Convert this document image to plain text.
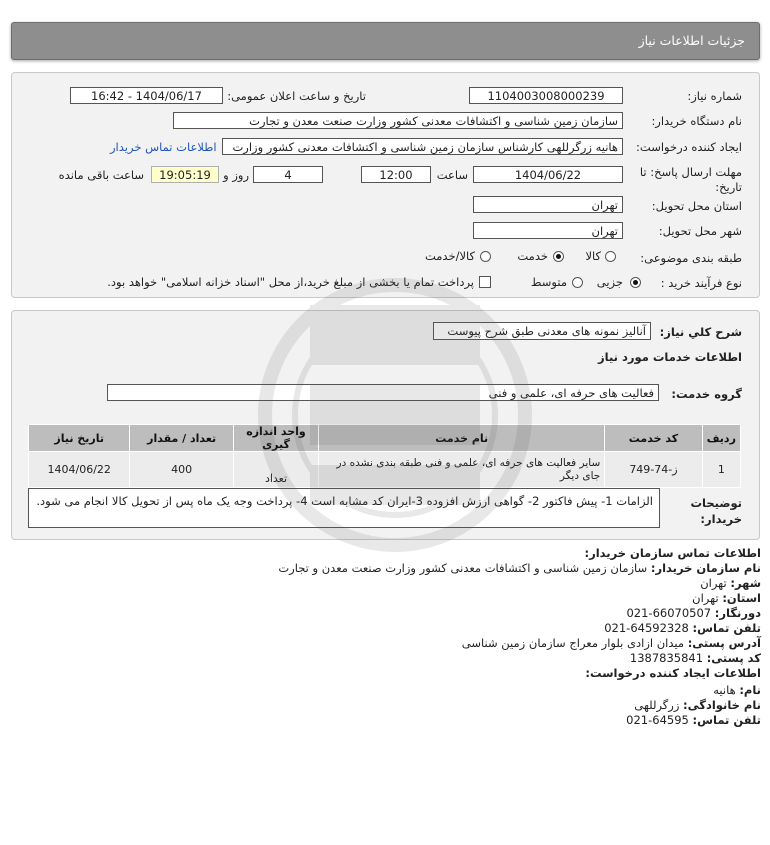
جزئیات اطلاعات نیاز
شماره نیاز:
1104003008000239
تاریخ و ساعت اعلان عمومی:
1404/06/17 - 16:42
نام دستگاه خریدار:
سازمان زمین شناسی و اکتشافات معدنی کشور وزارت صنعت معدن و تجارت
ایجاد کننده درخواست:
هانیه زرگرللهی کارشناس سازمان زمین شناسی و اکتشافات معدنی کشور وزارت
اطلاعات تماس خریدار
مهلت ارسال پاسخ: تا
تاریخ:
1404/06/22
ساعت
12:00
4
روز و
19:05:19
ساعت باقی مانده
استان محل تحویل:
تهران
شهر محل تحویل:
تهران
طبقه بندی موضوعی:
کالا
خدمت
کالا/خدمت
نوع فرآیند خرید :
جزیی
متوسط
پرداخت تمام یا بخشی از مبلغ خرید،از محل "اسناد خزانه اسلامی" خواهد بود.
شرح کلي نياز:
آنالیز نمونه های معدنی طبق شرح پیوست
اطلاعات خدمات مورد نیاز
گروه خدمت:
فعالیت های حرفه ای، علمی و فنی
ردیف	کد خدمت	نام خدمت	واحد اندازه گیری	تعداد / مقدار	تاریخ نیاز
1	ز-74-749	سایر فعالیت های حرفه ای، علمی و فنی طبقه بندی نشده در جای دیگر	تعداد	400	1404/06/22
توضیحات
خریدار:
الزامات 1- پیش فاکتور 2- گواهی ارزش افزوده 3-ایران کد مشابه است 4- پرداخت وجه یک ماه پس از تحویل کالا انجام می شود.
اطلاعات تماس سازمان خریدار:
نام سازمان خریدار: سازمان زمین شناسی و اکتشافات معدنی کشور وزارت صنعت معدن و تجارت
شهر: تهران
استان: تهران
دورنگار: 66070507-021
تلفن تماس: 64592328-021
آدرس پستی: میدان ازادی بلوار معراج سازمان زمین شناسی
کد پستی: 1387835841
اطلاعات ایجاد کننده درخواست:
نام: هانیه
نام خانوادگی: زرگرللهی
تلفن تماس: 64595-021
